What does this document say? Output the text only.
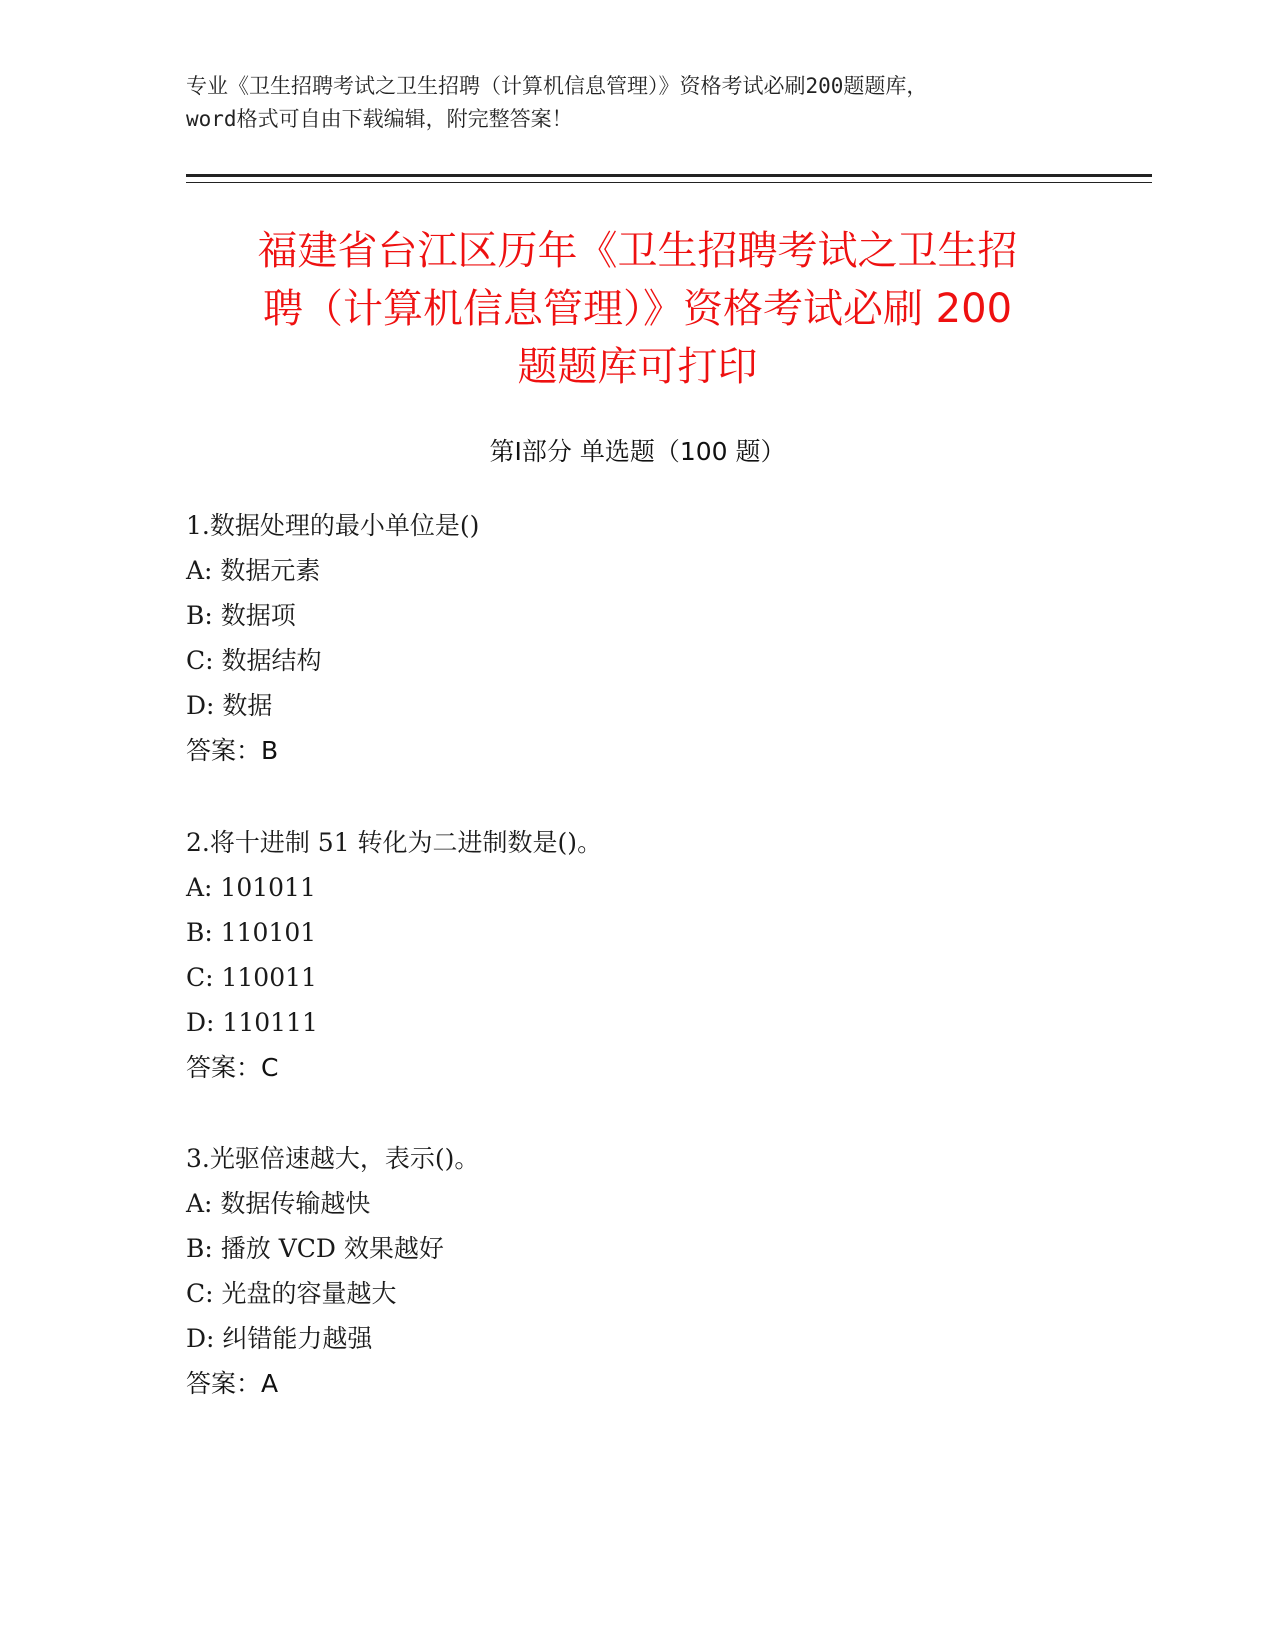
专业《卫生招聘考试之卫生招聘（计算机信息管理）》资格考试必刷200题题库，
word格式可自由下载编辑，附完整答案！
福建省台江区历年《卫生招聘考试之卫生招
聘（计算机信息管理）》资格考试必刷 200
题题库可打印
第Ⅰ部分 单选题（100 题）
1.数据处理的最小单位是()
A: 数据元素
B: 数据项
C: 数据结构
D: 数据
答案：B
2.将十进制 51 转化为二进制数是()。
A: 101011
B: 110101
C: 110011
D: 110111
答案：C
3.光驱倍速越大，表示()。
A: 数据传输越快
B: 播放 VCD 效果越好
C: 光盘的容量越大
D: 纠错能力越强
答案：A
